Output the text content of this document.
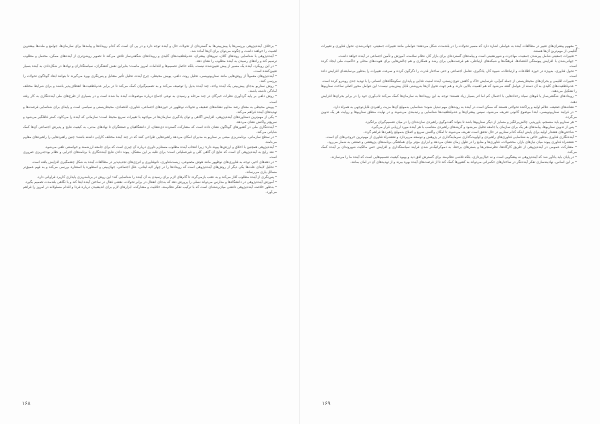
• برخلاف آینده‌پژوهی بررسی‌ها یا پیش‌بینی‌ها به گستره‌ای از تحولات حال و آینده توجه دارد و در پی آن است که کدام رویدادها و پیامدها برای سازمان‌ها، جوامع و ملت‌ها بیشترین اهمیت را خواهند داشت و چگونه می‌توان برای آن‌ها آماده شد.

• آینده‌پژوهی با شناسایی روندهای کلان، نیروهای پیشران، عدم‌قطعیت‌های کلیدی و رویدادهای شگفتی‌ساز تلاش می‌کند تا تصویر روشن‌تری از آینده‌های ممکن، محتمل و مطلوب ترسیم کند و راه‌های رسیدن به آینده مطلوب را نشان دهد.

• در این رویکرد، آینده یک مسیر از پیش تعیین‌شده نیست، بلکه حاصل تصمیم‌ها و اقدامات امروز ماست؛ بنابراین نقش کنشگران، سیاستگذاران و نهادها در شکل‌دادن به آینده بسیار تعیین‌کننده است.

• آینده‌پژوهان معمولاً از روش‌هایی مانند سناریونویسی، تحلیل روند، دلفی، پویش محیطی، چرخ آینده، تحلیل تأثیر متقابل و پس‌نگری بهره می‌گیرند تا بتوانند ابعاد گوناگون تحولات را بررسی کنند.

• روش سناریو به‌جای پیش‌بینی یک آینده واحد، چند آینده بدیل را توصیف می‌کند و به تصمیم‌گیران کمک می‌کند تا در برابر عدم‌قطعیت‌ها انعطاف‌پذیر باشند و برای شرایط مختلف آمادگی داشته باشند.

• روش دلفی بر پایه گردآوری نظرات خبرگان در چند مرحله و رسیدن به نوعی اجماع درباره موضوعات آینده بنا شده است و در بسیاری از طرح‌های ملی آینده‌نگاری به کار رفته است.

• پویش محیطی به معنای رصد مداوم نشانه‌های ضعیف و تحولات نوظهور در حوزه‌های اجتماعی، فناوری، اقتصادی، محیط‌زیستی و سیاسی است و پایه‌ای برای شناسایی فرصت‌ها و تهدیدهای آینده فراهم می‌کند.

• یکی از مهم‌ترین دستاوردهای آینده‌پژوهی، افزایش آگاهی و توان یادگیری سازمان‌ها در مواجهه با تغییرات سریع محیط است؛ سازمانی که آینده را می‌کاود، کمتر غافلگیر می‌شود و سریع‌تر واکنش نشان می‌دهد.

• آینده‌نگاری ملی در کشورهای گوناگون نشان داده است که مشارکت گسترده ذی‌نفعان، از دانشگاهیان و صنعتگران تا نهادهای مدنی، به کیفیت نتایج و پذیرش اجتماعی آن‌ها کمک شایانی می‌کند.

• در سطح سازمانی، برنامه‌ریزی مبتنی بر سناریو به مدیران امکان می‌دهد راهبردهایی طراحی کنند که در چند آینده مختلف کارایی داشته باشند؛ چنین راهبردهایی را راهبردهای مقاوم می‌نامند.

• آینده‌پژوهی همچنین با اخلاق و ارزش‌ها پیوند دارد؛ زیرا انتخاب آینده مطلوب مستلزم داوری درباره آن چیزی است که برای جامعه ارزشمند و خواستنی تلقی می‌شود.

• نقد رایج به آینده‌پژوهی آن است که نتایج آن گاهی کلی و غیرعملیاتی است؛ برای غلبه بر این مشکل، پیوند دادن نتایج آینده‌نگاری با برنامه‌های اجرایی و نظام بودجه‌ریزی ضروری است.

• در دهه‌های اخیر، توجه به فناوری‌های نوظهور مانند هوش مصنوعی، زیست‌فناوری، نانوفناوری و انرژی‌های تجدیدپذیر در مطالعات آینده به شکل چشمگیری افزایش یافته است.

• تحلیل لایه‌ای علت‌ها یکی دیگر از روش‌های آینده‌پژوهی است که رویدادها را در چهار لایه لیتانی، علل اجتماعی، جهان‌بینی و اسطوره یا استعاره بررسی می‌کند و به فهم عمیق‌تر مسائل یاری می‌رساند.

• پس‌نگری از آینده مطلوب آغاز می‌کند و به عقب بازمی‌گردد تا گام‌های لازم برای رسیدن به آن آینده را شناسایی کند؛ این روش در برنامه‌ریزی پایداری کاربرد فراوانی دارد.

• آموزش آینده‌پژوهی در دانشگاه‌ها و مدارس می‌تواند نسلی را پرورش دهد که به‌جای انفعال در برابر تحولات، نقشی فعال در ساختن آینده ایفا کند و با نگاهی بلندمدت تصمیم بگیرد.

• به‌طور خلاصه، آینده‌پژوهی دانشی میان‌رشته‌ای است که با ترکیب تفکر نظام‌مند، خلاقیت و مشارکت، ابزارهای لازم برای اندیشیدن درباره فردا و اقدام مسئولانه در امروز را فراهم می‌آورد.

۱۶۸
۲۰

• مفهوم پیشران‌های تغییر در مطالعات آینده به عواملی اشاره دارد که مسیر تحولات را در بلندمدت شکل می‌دهند؛ عواملی مانند تغییرات جمعیتی، جهانی‌شدن، تحول فناوری و تغییرات اقلیمی از مهم‌ترین آن‌ها هستند.

• تغییرات جمعیتی شامل پیرشدن جمعیت، مهاجرت و شهرنشینی است و پیامدهای گسترده‌ای برای بازار کار، نظام سلامت، آموزش و تأمین اجتماعی در آینده خواهد داشت.

• جهانی‌شدن با افزایش پیوستگی اقتصادها، فرهنگ‌ها و شبکه‌های ارتباطی، هم فرصت‌هایی برای رشد و همکاری و هم چالش‌هایی برای هویت‌های محلی و حاکمیت ملی ایجاد کرده است.

• تحول فناوری، به‌ویژه در حوزه اطلاعات و ارتباطات، شیوه کار، یادگیری، تعامل اجتماعی و حتی ساختار قدرت را دگرگون کرده و سرعت تغییرات را به‌طور بی‌سابقه‌ای افزایش داده است.

• تغییرات اقلیمی و بحران‌های محیط‌زیستی از جمله کم‌آبی، فرسایش خاک و کاهش تنوع زیستی، آینده امنیت غذایی و پایداری سکونتگاه‌های انسانی را با تهدید جدی روبه‌رو کرده است.

• عدم‌قطعیت‌های کلیدی به آن دسته از عوامل گفته می‌شود که هم اهمیت بالایی دارند و هم جهت تحول آن‌ها به‌روشنی قابل پیش‌بینی نیست؛ این عوامل محور اصلی ساخت سناریوها را تشکیل می‌دهند.

• رویدادهای شگفتی‌ساز یا قوهای سیاه رخدادهایی با احتمال کم اما اثر بسیار زیاد هستند؛ توجه به این رویدادها به سازمان‌ها کمک می‌کند تاب‌آوری خود را در برابر بحران‌ها افزایش دهند.

• نشانه‌های ضعیف، علائم اولیه و پراکنده تحولاتی هستند که ممکن است در آینده به روندهای مهم تبدیل شوند؛ شناسایی به‌موقع آن‌ها مزیت راهبردی قابل‌توجهی به همراه دارد.

• در فرایند سناریونویسی، ابتدا موضوع کانونی تعریف می‌شود، سپس پیشران‌ها و عدم‌قطعیت‌ها شناسایی و رتبه‌بندی می‌شوند و در نهایت منطق سناریوها و روایت هر یک تدوین می‌گردد.

• هر سناریو باید منسجم، باورپذیر، چالش‌برانگیز و متمایز از دیگر سناریوها باشد تا بتواند گفت‌وگوی راهبردی سازنده‌ای را در میان تصمیم‌گیران برانگیزد.

• پس از تدوین سناریوها، پیامدهای هر یک برای سازمان یا جامعه تحلیل می‌شود و گزینه‌های راهبردی متناسب با هر آینده مورد ارزیابی قرار می‌گیرد.

• شاخص‌های هشدار اولیه برای پایش اینکه کدام سناریو در حال تحقق است تعریف می‌شوند تا امکان واکنش سریع و اصلاح به‌موقع راهبردها فراهم گردد.

• آینده‌نگاری فناوری به‌طور خاص به شناسایی فناوری‌های راهبردی و اولویت‌گذاری سرمایه‌گذاری در پژوهش و توسعه می‌پردازد و نقشه‌راه فناوری از مهم‌ترین خروجی‌های آن است.

• نقشه‌راه فناوری پیوند میان نیازهای بازار، محصولات، فناوری‌ها و منابع را در طول زمان نشان می‌دهد و ابزاری مؤثر برای هماهنگی برنامه‌های پژوهشی و صنعتی به شمار می‌رود.

• مشارکت عمومی در آینده‌پژوهی از طریق کارگاه‌ها، نظرسنجی‌ها و بسترهای برخط، به دموکراتیک‌تر شدن فرایند سیاستگذاری و افزایش حس مالکیت شهروندان بر آینده کمک می‌کند.

• در پایان باید یادآور شد که آینده‌پژوهی نه پیشگویی است و نه خیال‌پردازی، بلکه تلاشی نظام‌مند برای گسترش افق دید و بهبود کیفیت تصمیم‌هایی است که آینده ما را می‌سازند.

• بر این اساس، نهادینه‌سازی تفکر آینده‌نگر در ساختارهای حکمرانی می‌تواند به کشورها کمک کند تا از فرصت‌های آینده بهره ببرند و از تهدیدهای آن در امان بمانند.

۱۶۹
